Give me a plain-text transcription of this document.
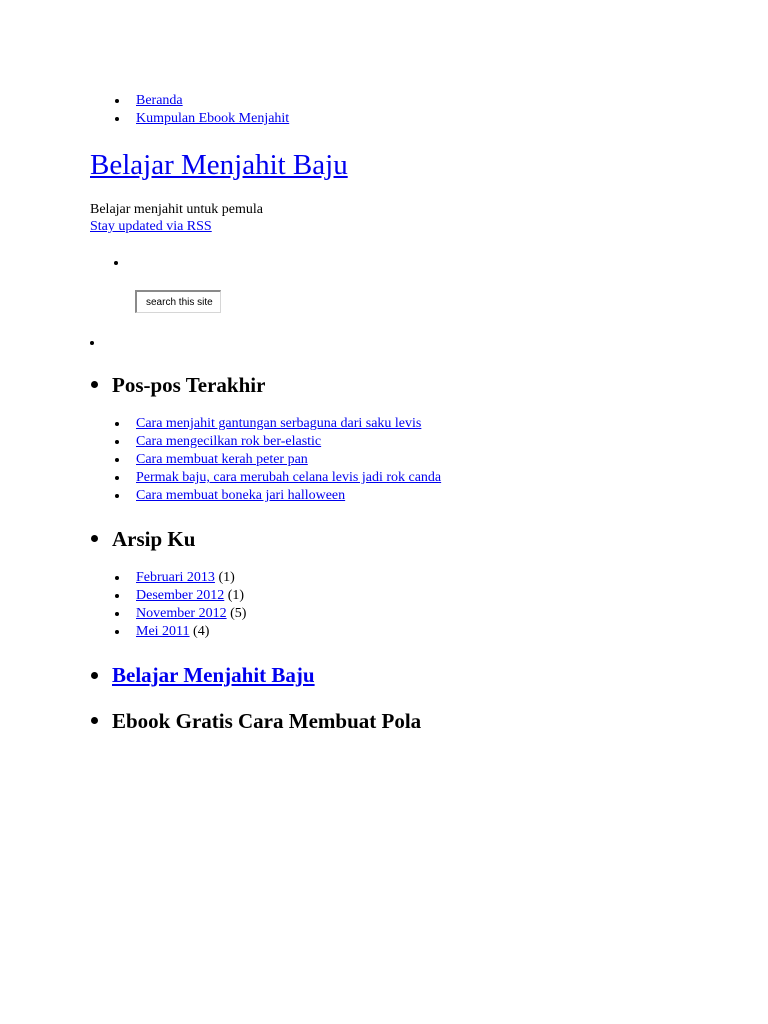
Beranda
Kumpulan Ebook Menjahit
Belajar Menjahit Baju
Belajar menjahit untuk pemula
Stay updated via RSS
search this site
Pos-pos Terakhir
Cara menjahit gantungan serbaguna dari saku levis
Cara mengecilkan rok ber-elastic
Cara membuat kerah peter pan
Permak baju, cara merubah celana levis jadi rok canda
Cara membuat boneka jari halloween
Arsip Ku
Februari 2013 (1)
Desember 2012 (1)
November 2012 (5)
Mei 2011 (4)
Belajar Menjahit Baju
Ebook Gratis Cara Membuat Pola
